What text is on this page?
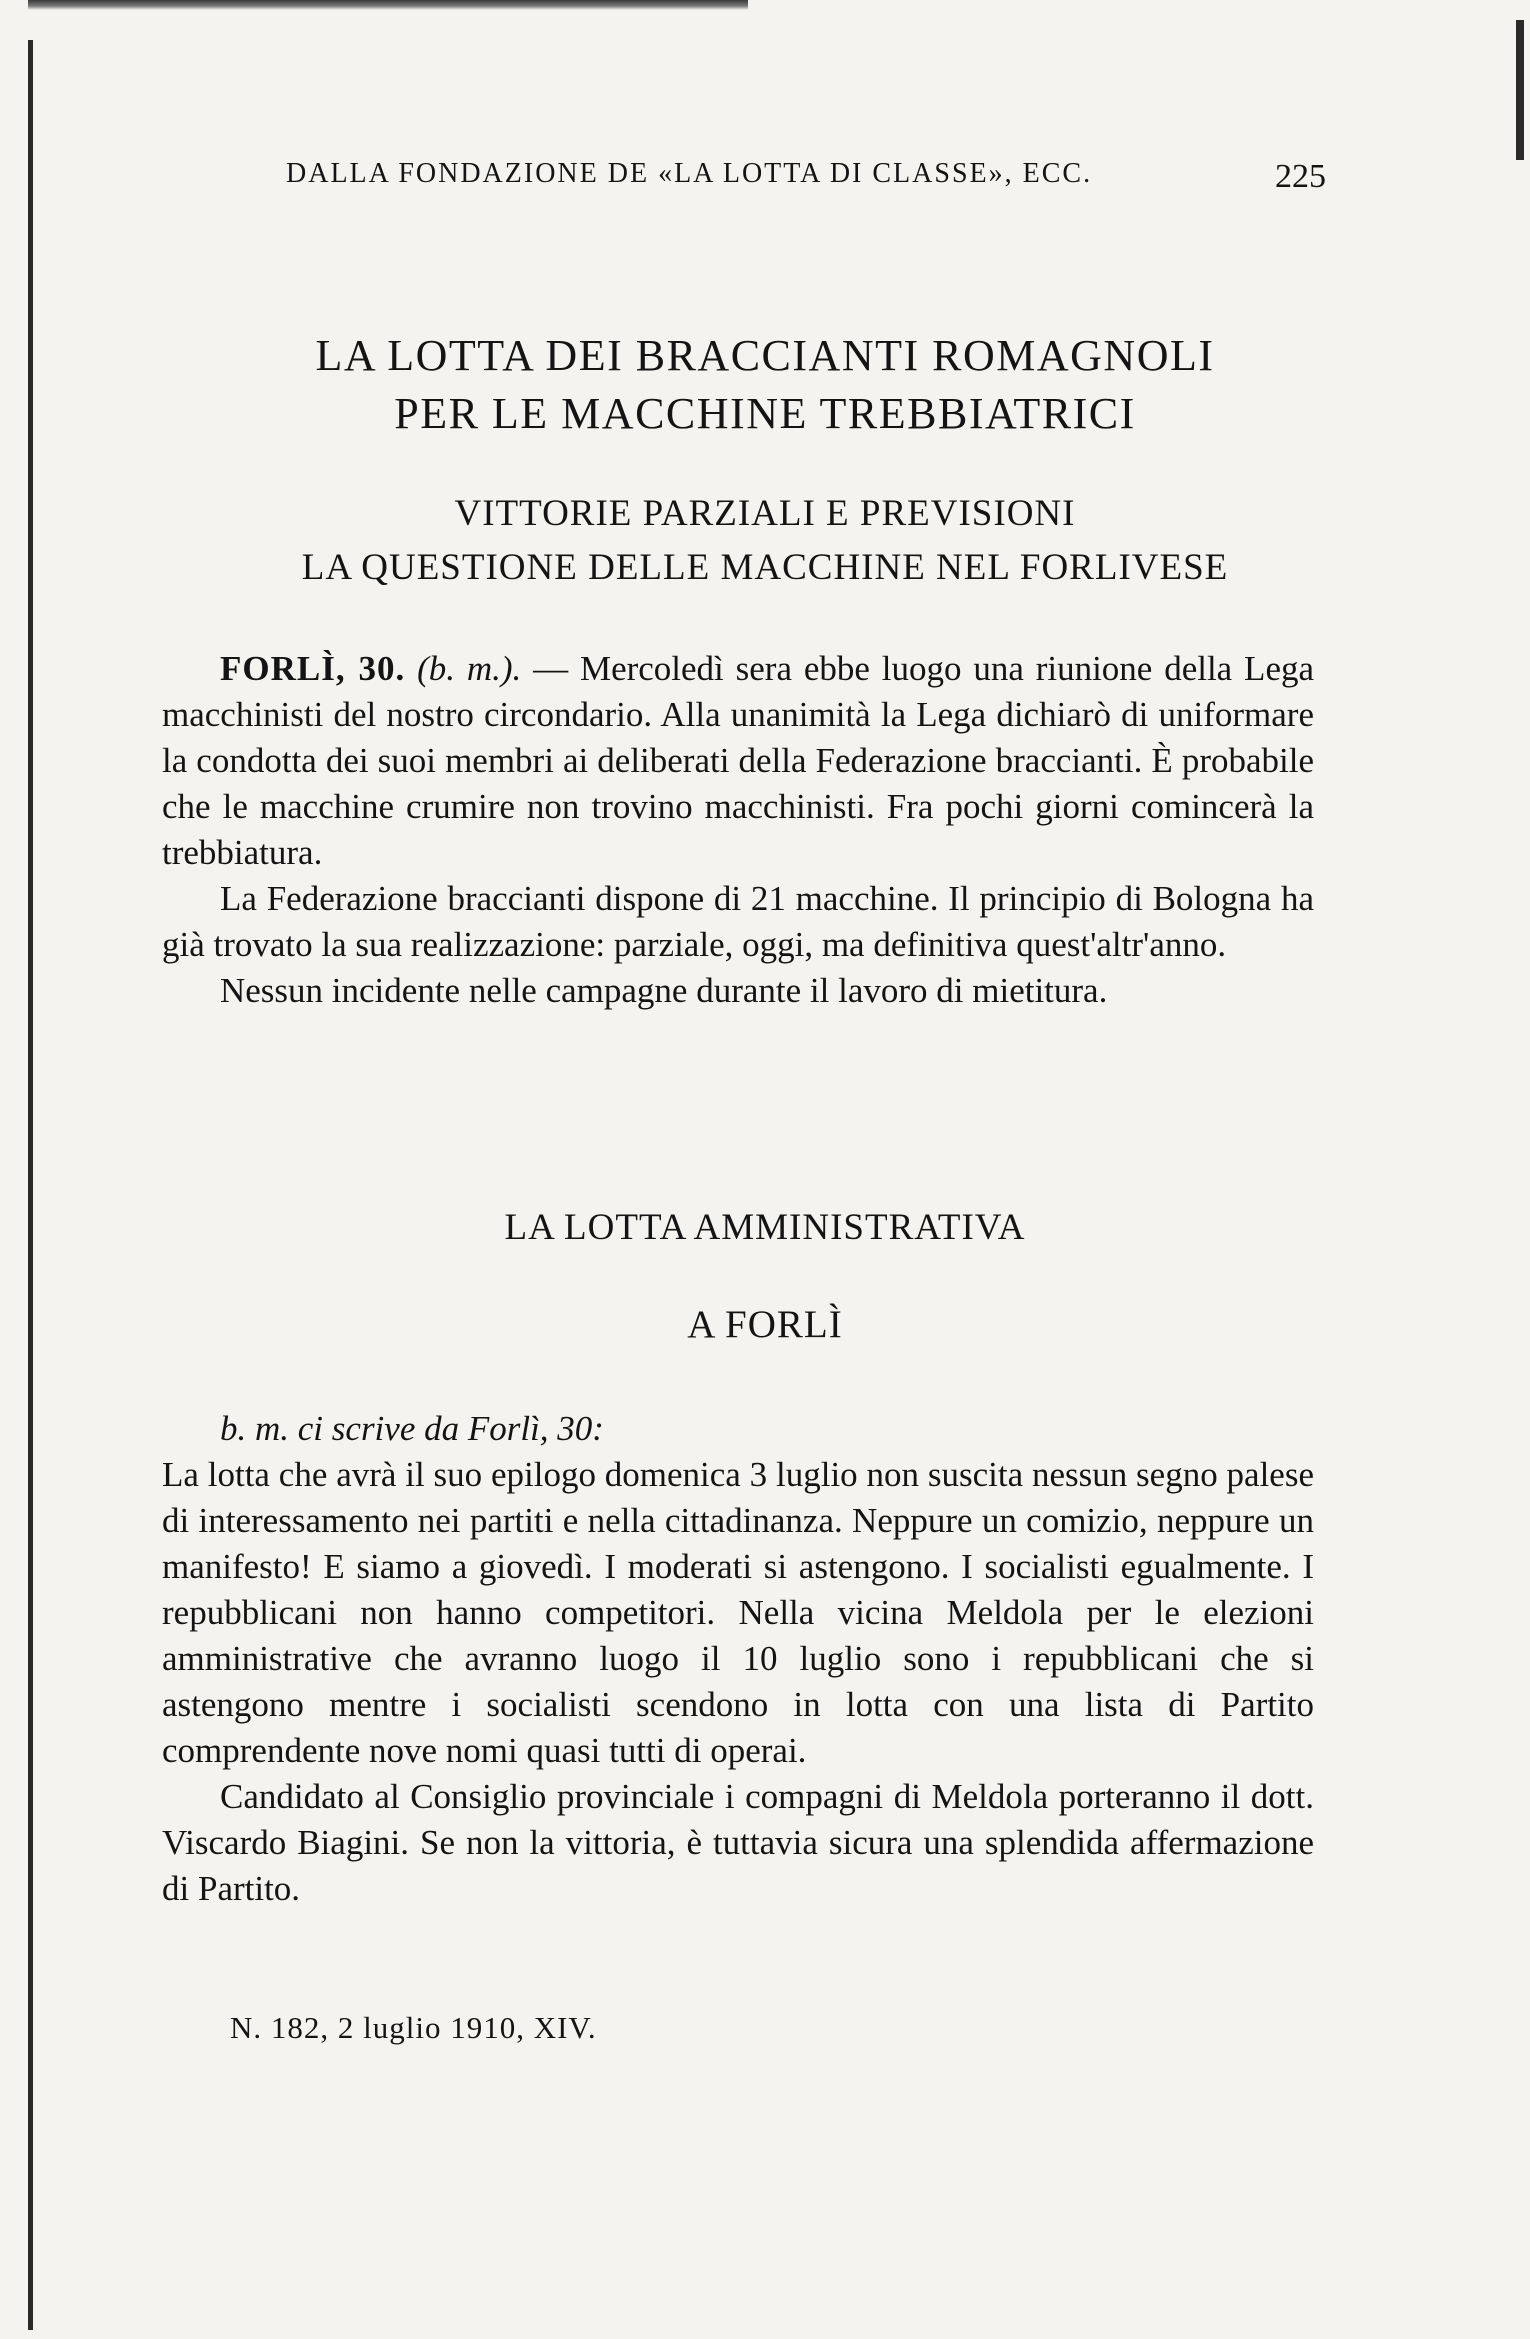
DALLA FONDAZIONE DE «LA LOTTA DI CLASSE», ECC.	225
LA LOTTA DEI BRACCIANTI ROMAGNOLI
PER LE MACCHINE TREBBIATRICI
VITTORIE PARZIALI E PREVISIONI
LA QUESTIONE DELLE MACCHINE NEL FORLIVESE

FORLÌ, 30. (b. m.). — Mercoledì sera ebbe luogo una riunione della Lega macchinisti del nostro circondario. Alla unanimità la Lega dichiarò di uniformare la condotta dei suoi membri ai deliberati della Federazione braccianti. È probabile che le macchine crumire non trovino macchinisti. Fra pochi giorni comincerà la trebbiatura.

La Federazione braccianti dispone di 21 macchine. Il principio di Bologna ha già trovato la sua realizzazione: parziale, oggi, ma definitiva quest'altr'anno.

Nessun incidente nelle campagne durante il lavoro di mietitura.

LA LOTTA AMMINISTRATIVA
A FORLÌ

b. m. ci scrive da Forlì, 30:

La lotta che avrà il suo epilogo domenica 3 luglio non suscita nessun segno palese di interessamento nei partiti e nella cittadinanza. Neppure un comizio, neppure un manifesto! E siamo a giovedì. I moderati si astengono. I socialisti egualmente. I repubblicani non hanno competitori. Nella vicina Meldola per le elezioni amministrative che avranno luogo il 10 luglio sono i repubblicani che si astengono mentre i socialisti scendono in lotta con una lista di Partito comprendente nove nomi quasi tutti di operai.

Candidato al Consiglio provinciale i compagni di Meldola porteranno il dott. Viscardo Biagini. Se non la vittoria, è tuttavia sicura una splendida affermazione di Partito.

N. 182, 2 luglio 1910, XIV.
